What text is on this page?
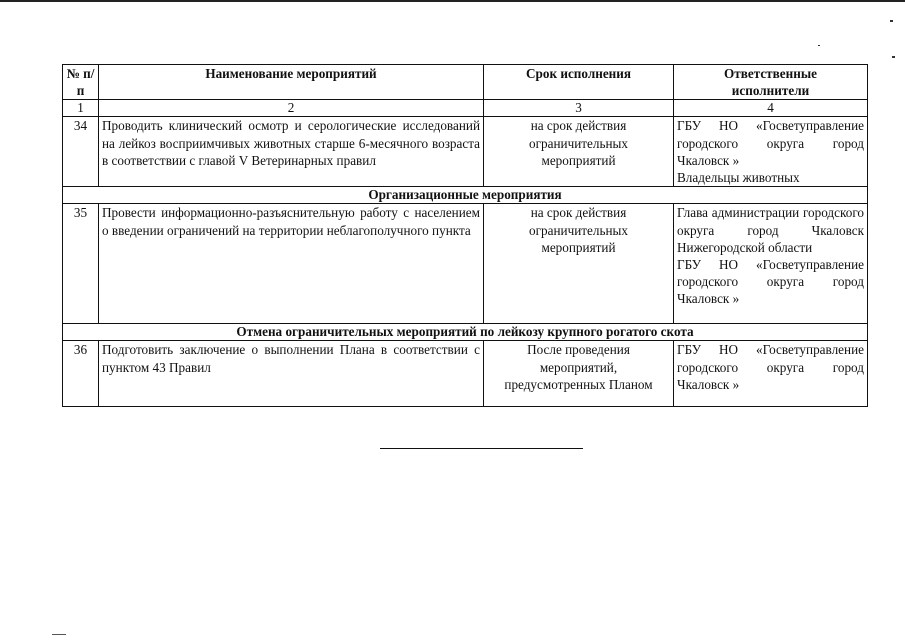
№ п/п	Наименование мероприятий	Срок исполнения	Ответственные исполнители
1	2	3	4
34	Проводить клинический осмотр и серологические исследований на лейкоз восприимчивых животных старше 6-месячного возраста в соответствии с главой V Ветеринарных правил	на срок действия ограничительных мероприятий	ГБУ НО «Госветуправление городского округа город Чкаловск »
Владельцы животных

Организационные мероприятия			
35	Провести информационно-разъяснительную работу с населением о введении ограничений на территории неблагополучного пункта	на срок действия ограничительных мероприятий	Глава администрации городского округа город Чкаловск Нижегородской области
ГБУ НО «Госветуправление городского округа город Чкаловск »

Отмена ограничительных мероприятий по лейкозу крупного рогатого скота			
36	Подготовить заключение о выполнении Плана в соответствии с пунктом 43 Правил	После проведения мероприятий, предусмотренных Планом	ГБУ НО «Госветуправление городского округа город Чкаловск »
